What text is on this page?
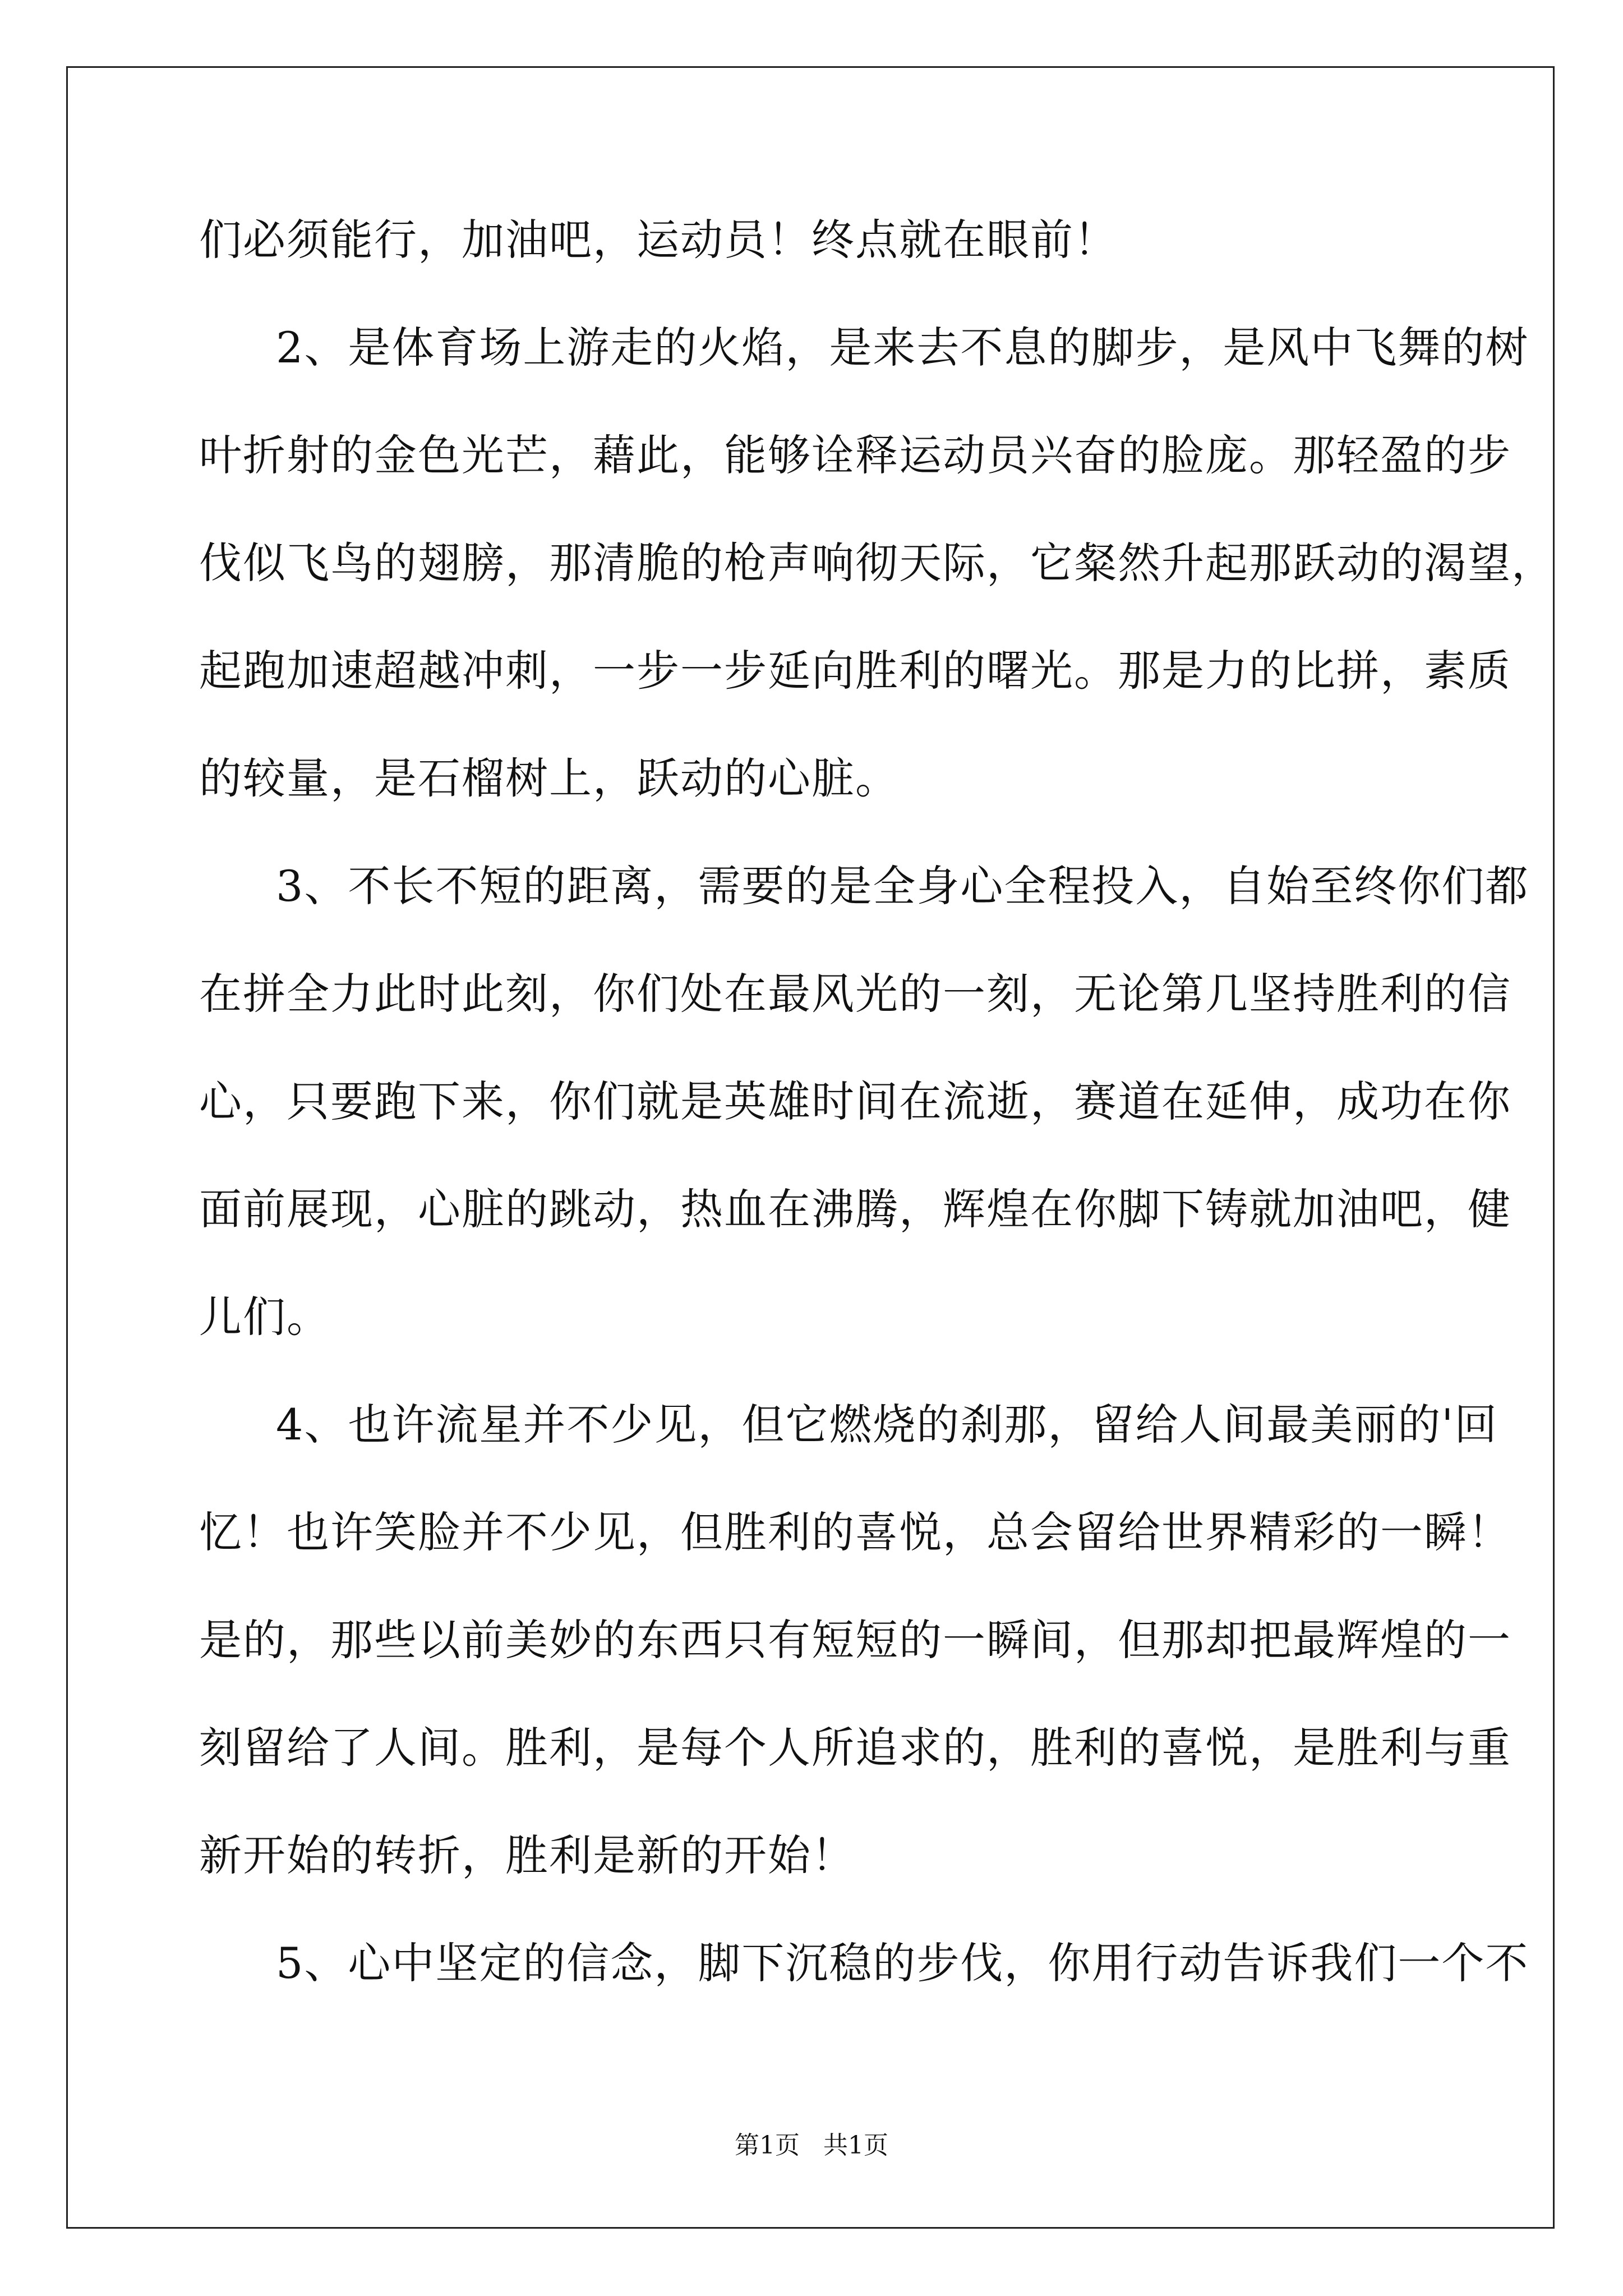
们必须能行，加油吧，运动员！终点就在眼前！
2、是体育场上游走的火焰，是来去不息的脚步，是风中飞舞的树
叶折射的金色光芒，藉此，能够诠释运动员兴奋的脸庞。那轻盈的步
伐似飞鸟的翅膀，那清脆的枪声响彻天际，它粲然升起那跃动的渴望，
起跑加速超越冲刺，一步一步延向胜利的曙光。那是力的比拼，素质
的较量，是石榴树上，跃动的心脏。
3、不长不短的距离，需要的是全身心全程投入，自始至终你们都
在拼全力此时此刻，你们处在最风光的一刻，无论第几坚持胜利的信
心，只要跑下来，你们就是英雄时间在流逝，赛道在延伸，成功在你
面前展现，心脏的跳动，热血在沸腾，辉煌在你脚下铸就加油吧，健
儿们。
4、也许流星并不少见，但它燃烧的刹那，留给人间最美丽的'回
忆！也许笑脸并不少见，但胜利的喜悦，总会留给世界精彩的一瞬！
是的，那些以前美妙的东西只有短短的一瞬间，但那却把最辉煌的一
刻留给了人间。胜利，是每个人所追求的，胜利的喜悦，是胜利与重
新开始的转折，胜利是新的开始！
5、心中坚定的信念，脚下沉稳的步伐，你用行动告诉我们一个不
第1页 共1页
